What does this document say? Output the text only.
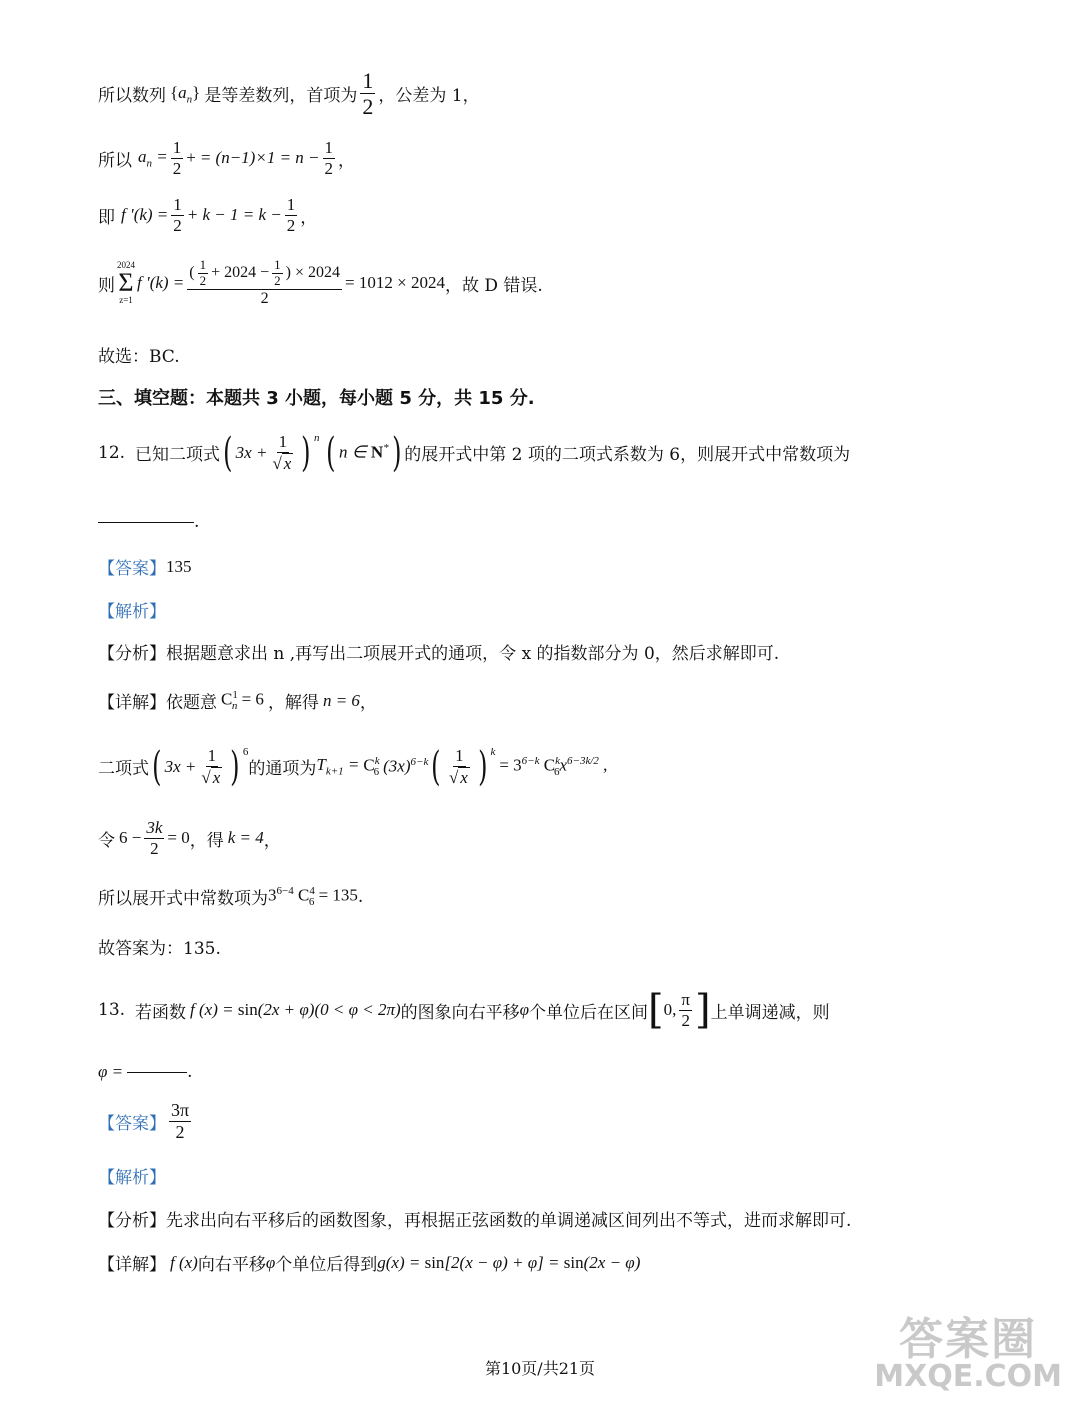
所以数列 $\{a_n\}$ 是等差数列，首项为 $\frac{1}{2}$ ，公差为 1，
所以 $a_n = \frac{1}{2}$ + = $(n-1)\times 1 = n - \frac{1}{2}$ ，
即 f $'(k) = \frac{1}{2} + k - 1 = k - \frac{1}{2}$ ，
则
2024
Σ
z=1
f $'(k) = \frac{( \frac{1}{2} + 2024 - \frac{1}{2} ) \times 2024}{2} = 1012 \times 2024$ ，故 D 错误.
故选：BC.
三、填空题：本题共 3 小题，每小题 5 分，共 15 分.
12. 已知二项式 ( $3x + \frac{1}{√ x}$ ) $^n$ ( n ∈ N* ) 的展开式中第 2 项的二项式系数为 6，则展开式中常数项为
.
【答案】 135
【解析】
【分析】 根据题意求出 n ,再写出二项展开式的通项，令 x 的指数部分为 0，然后求解即可.
【详解】 依题意 $C^1_n = 6$ ，解得 n = 6 ，
二项式 ( $3x + \frac{1}{√ x}$ ) $^6$
的通项为 $T_{k+1} = C^k_6$ $(3x)^{6-k}$ ( $\frac{1}{√ x}$ ) $^k$
= $3^{6-k}$ $C^k_6x^{6-3k/2}$ ,
令 $6 - \frac{3k}{2} = 0$ ，得 k = 4 ，
所以展开式中常数项为 $3^{6-4}$ $C^4_6 = 135$ .
故答案为：135.
13. 若函数 f (x) = sin(2x + φ)(0 < φ < 2π) 的图象向右平移 φ 个单位后在区间 [ 0, $\frac{\pi}{2}$ ] 上单调递减，则
φ =	.
【答案】 $\frac{3\pi}{2}$
【解析】
【分析】 先求出向右平移后的函数图象，再根据正弦函数的单调递减区间列出不等式，进而求解即可.
【详解】 f (x) 向右平移 φ 个单位后得到 g(x) = sin[2(x − φ) + φ] = sin(2x − φ)
第10页/共21页
答案圈
MXQE.COM
